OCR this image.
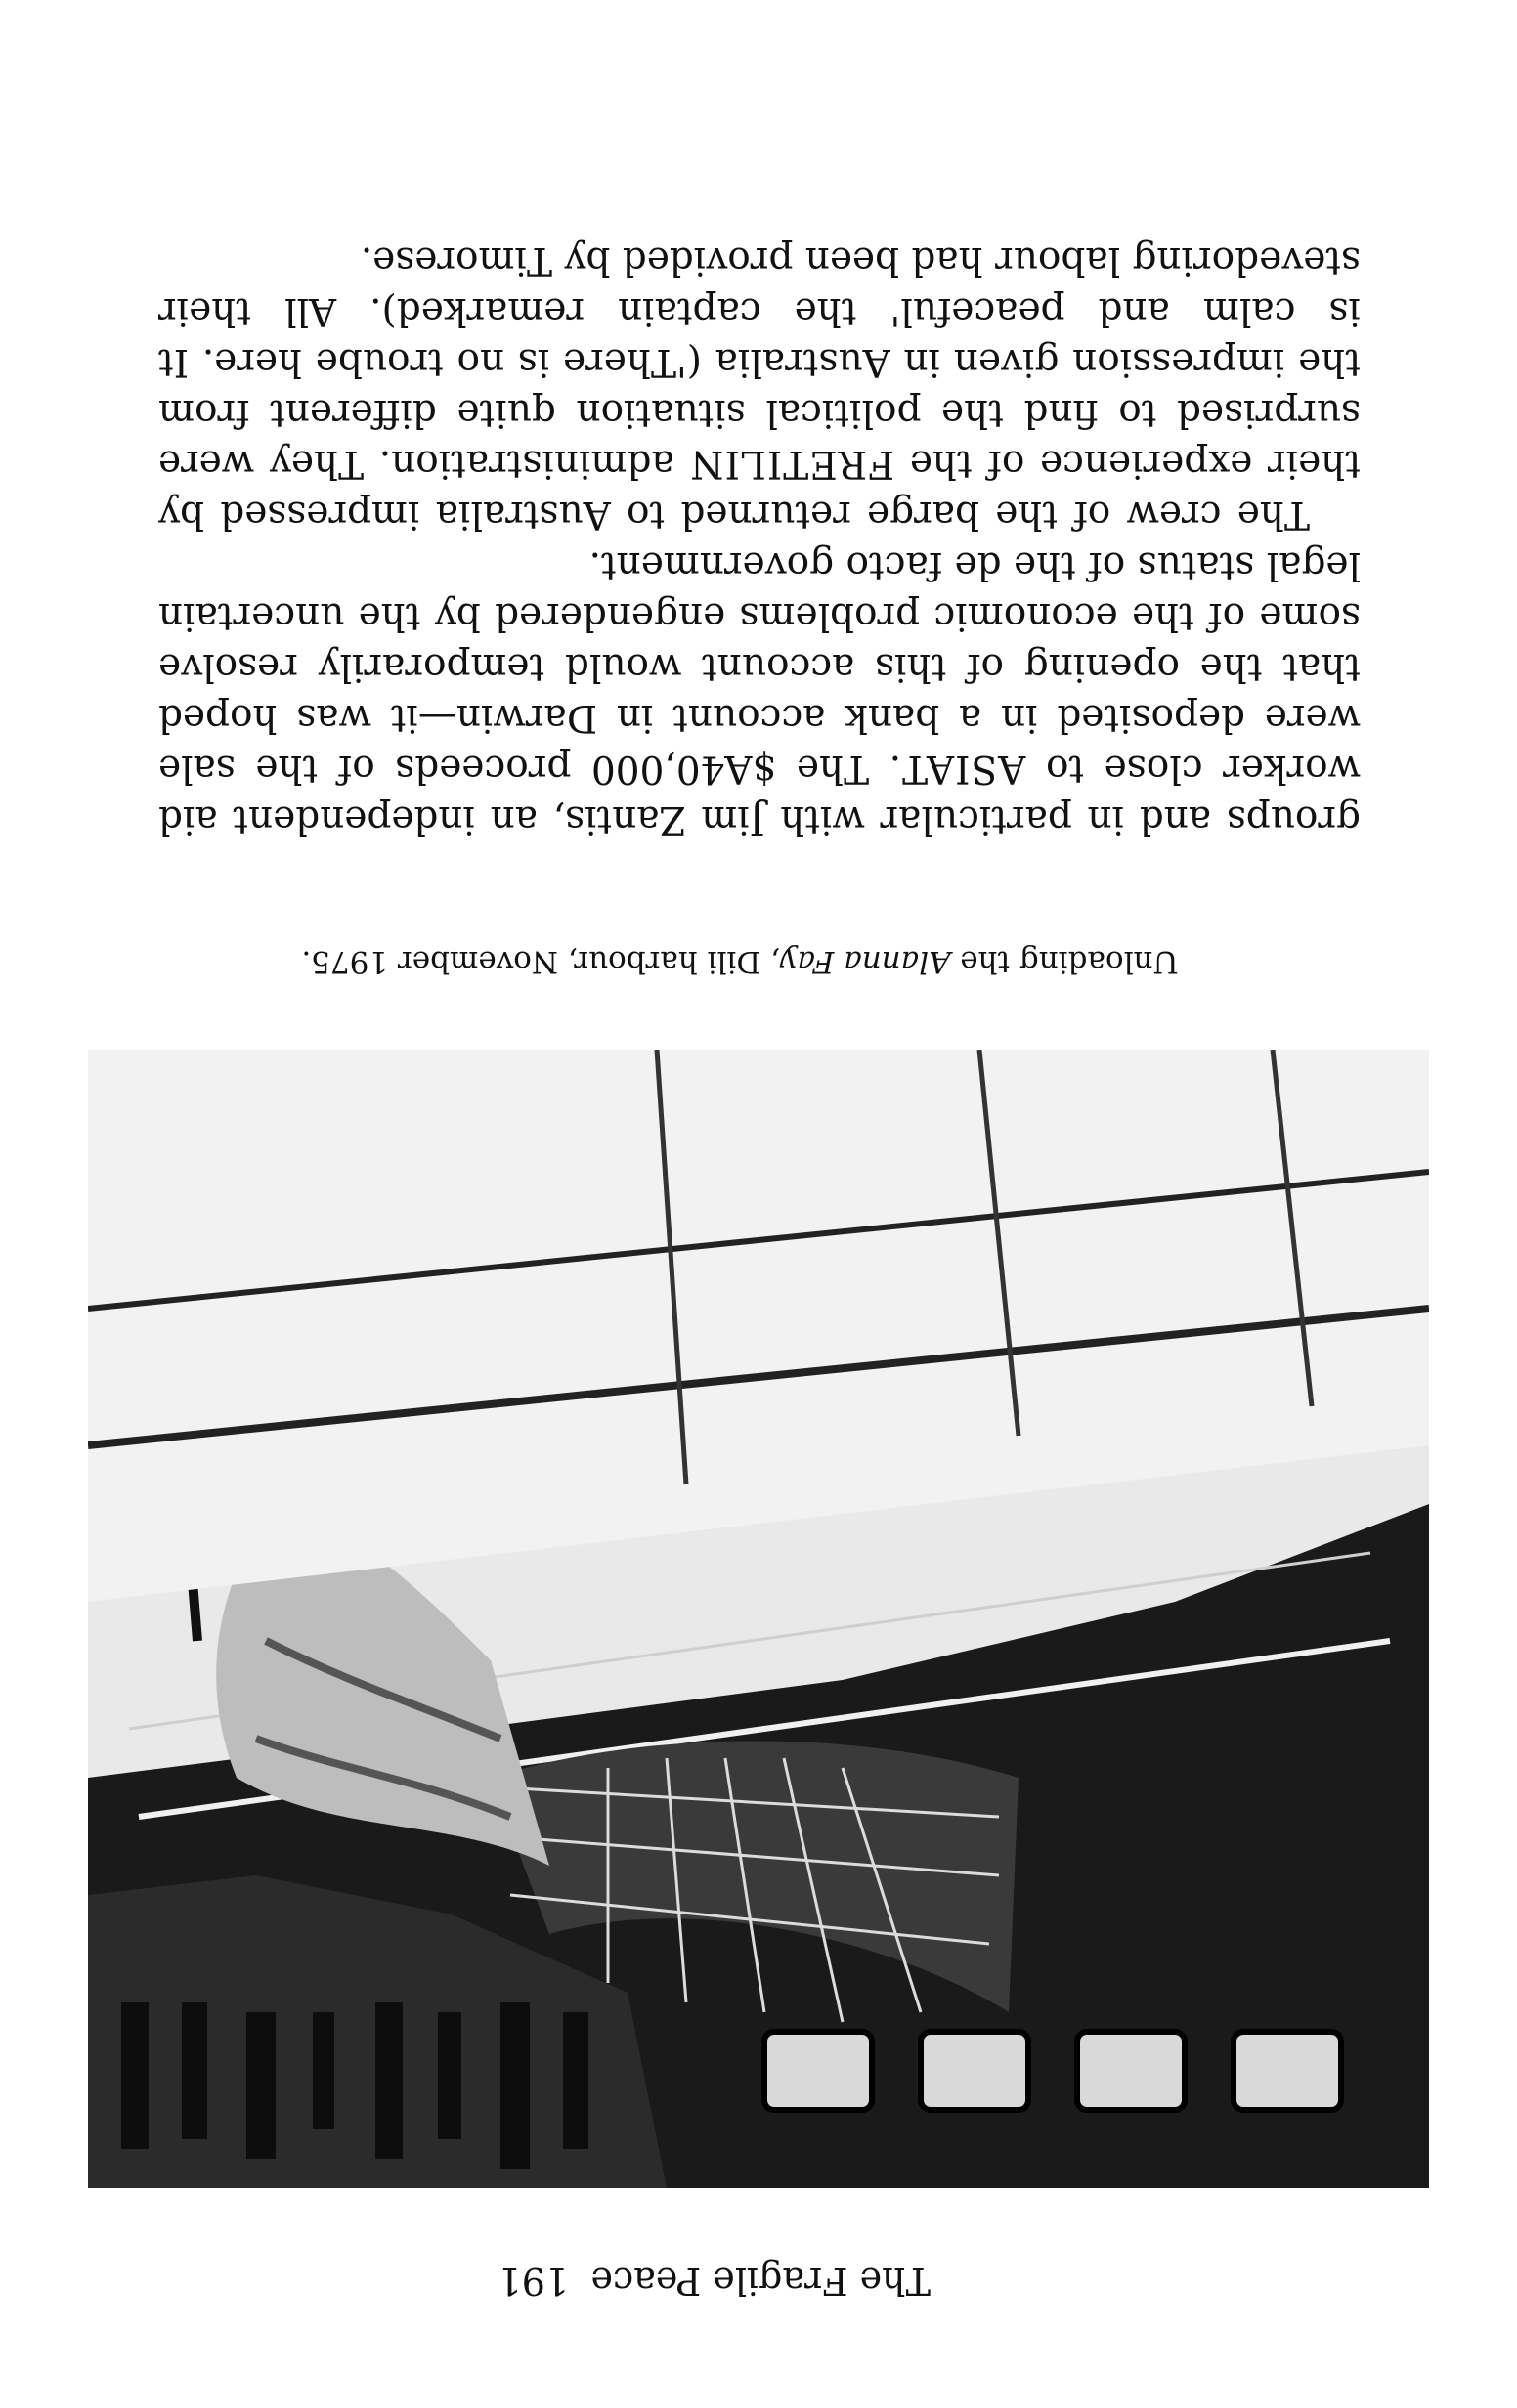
The Fragile Peace
191
Unloading the Alanna Fay, Dili harbour, November 1975.

groups and in particular with Jim Zantis, an independent aid worker close to ASIAT. The $A40,000 proceeds of the sale were deposited in a bank account in Darwin—it was hoped that the opening of this account would temporarily resolve some of the economic problems engendered by the uncertain legal status of the de facto government.

The crew of the barge returned to Australia impressed by their experience of the FRETILIN administration. They were surprised to find the political situation quite different from the impression given in Australia ('There is no troube here. It is calm and peaceful' the captain remarked). All their stevedoring labour had been provided by Timorese.
